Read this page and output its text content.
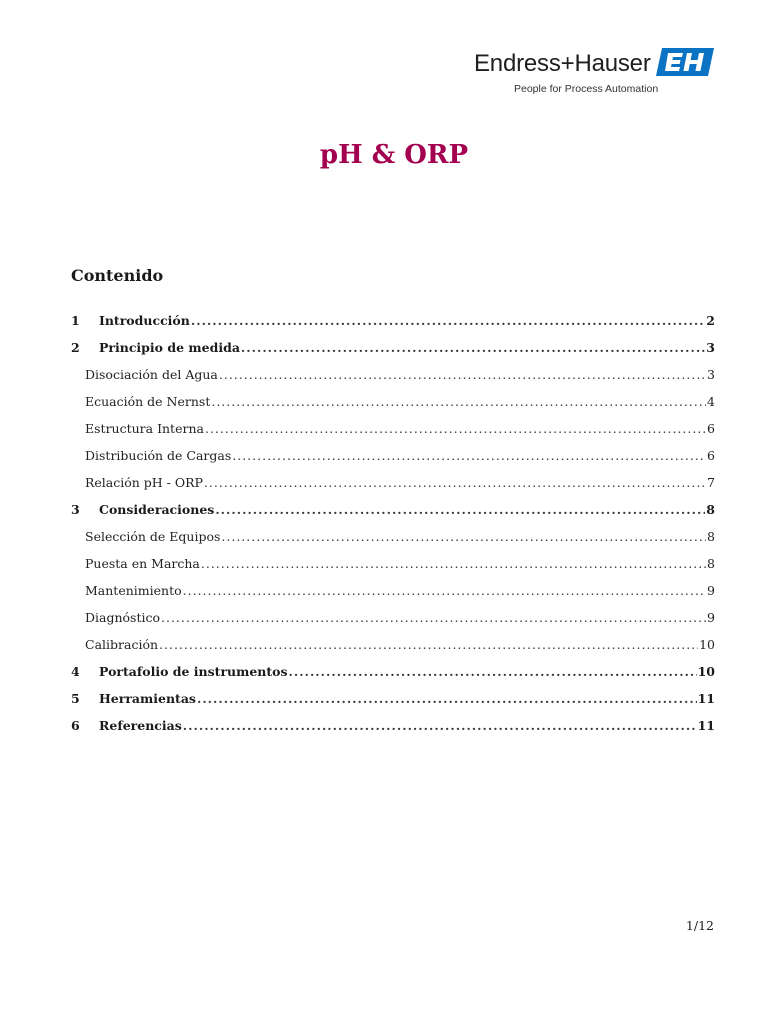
Endress+Hauser
People for Process Automation
pH & ORP
Contenido
1	Introducción .....	2
2	Principio de medida .....	3
Disociación del Agua .....	3
Ecuación de Nernst .....	4
Estructura Interna .....	6
Distribución de Cargas .....	6
Relación pH - ORP .....	7
3	Consideraciones .....	8
Selección de Equipos .....	8
Puesta en Marcha .....	8
Mantenimiento .....	9
Diagnóstico .....	9
Calibración .....	10
4	Portafolio de instrumentos .....	10
5	Herramientas .....	11
6	Referencias .....	11
1/12
